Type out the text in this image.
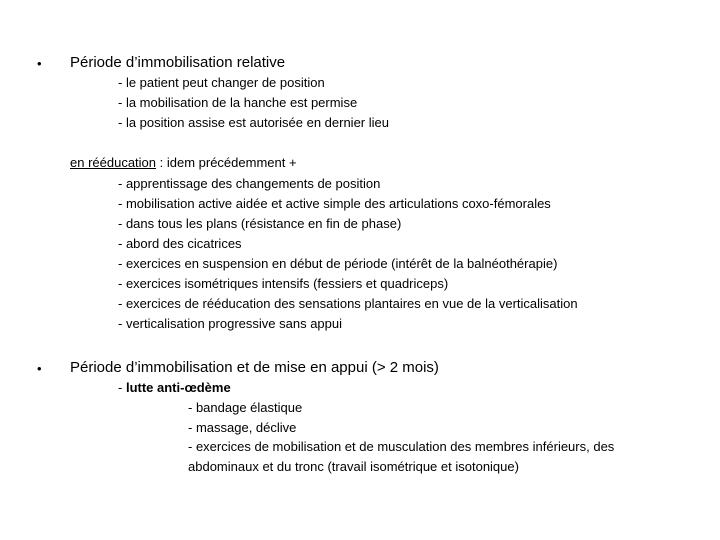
• Période d’immobilisation relative
- le patient peut changer de position
- la mobilisation de la hanche est permise
- la position assise est autorisée en dernier lieu
en rééducation : idem précédemment +
- apprentissage des changements de position
- mobilisation active aidée et active simple des articulations coxo-fémorales
- dans tous les plans (résistance en fin de phase)
- abord des cicatrices
- exercices en suspension en début de période (intérêt de la balnéothérapie)
- exercices isométriques intensifs (fessiers et quadriceps)
- exercices de rééducation des sensations plantaires en vue de la verticalisation
- verticalisation progressive sans appui
• Période d’immobilisation et de mise en appui (> 2 mois)
- lutte anti-œdème
- bandage élastique
- massage, déclive
- exercices de mobilisation et de musculation des membres inférieurs, des
abdominaux et du tronc (travail isométrique et isotonique)
